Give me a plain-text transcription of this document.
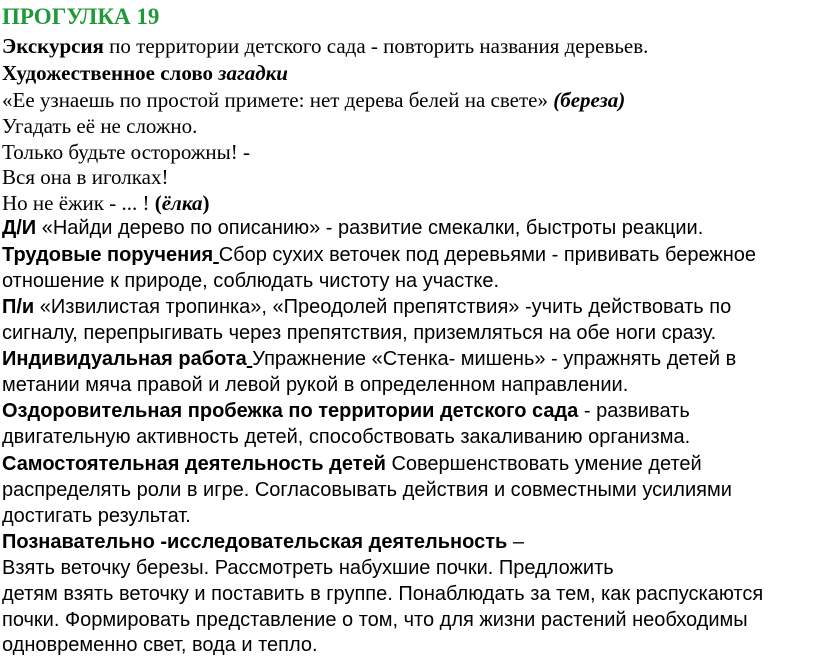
ПРОГУЛКА 19
Экскурсия по территории детского сада - повторить названия деревьев.
Художественное слово загадки
«Ее узнаешь по простой примете: нет дерева белей на свете» (береза)
Угадать её не сложно.
Только будьте осторожны! -
Вся она в иголках!
Но не ёжик - ... ! (ёлка)
Д/И «Найди дерево по описанию» - развитие смекалки, быстроты реакции.
Трудовые поручения Сбор сухих веточек под деревьями - прививать бережное
отношение к природе, соблюдать чистоту на участке.
П/и «Извилистая тропинка», «Преодолей препятствия» -учить действовать по
сигналу, перепрыгивать через препятствия, приземляться на обе ноги сразу.
Индивидуальная работа Упражнение «Стенка- мишень» - упражнять детей в
метании мяча правой и левой рукой в определенном направлении.
Оздоровительная пробежка по территории детского сада - развивать
двигательную активность детей, способствовать закаливанию организма.
Самостоятельная деятельность детей Совершенствовать умение детей
распределять роли в игре. Согласовывать действия и совместными усилиями
достигать результат.
Познавательно -исследовательская деятельность –
Взять веточку березы. Рассмотреть набухшие почки. Предложить
детям взять веточку и поставить в группе. Понаблюдать за тем, как распускаются
почки. Формировать представление о том, что для жизни растений необходимы
одновременно свет, вода и тепло.
